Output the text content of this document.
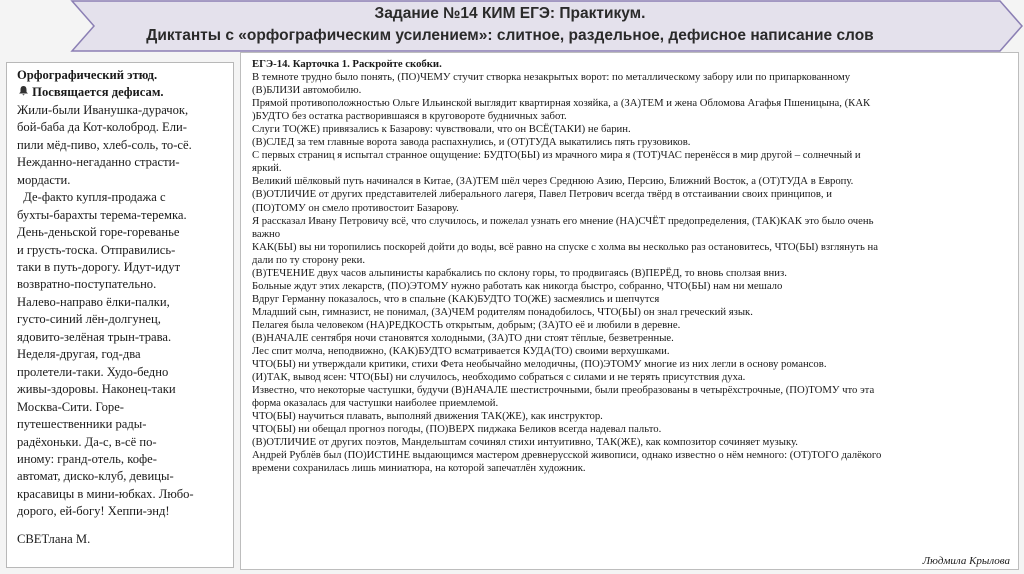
Задание №14 КИМ ЕГЭ: Практикум.
Диктанты с «орфографическим усилением»: слитное, раздельное, дефисное написание слов
Орфографический этюд.
Посвящается дефисам.
Жили-были Иванушка-дурачок,
бой-баба да Кот-колоброд. Ели-
пили мёд-пиво, хлеб-соль, то-сё.
Нежданно-негаданно страсти-
мордасти.
Де-факто купля-продажа с
бухты-барахты терема-теремка.
День-деньской горе-гореванье
и грусть-тоска. Отправились-
таки в путь-дорогу. Идут-идут
возвратно-поступательно.
Налево-направо ёлки-палки,
густо-синий лён-долгунец,
ядовито-зелёная трын-трава.
Неделя-другая, год-два
пролетели-таки. Худо-бедно
живы-здоровы. Наконец-таки
Москва-Сити. Горе-
путешественники рады-
радёхоньки. Да-с, в-сё по-
иному: гранд-отель, кофе-
автомат, диско-клуб, девицы-
красавицы в мини-юбках. Любо-
дорого, ей-богу! Хеппи-энд!
СВЕТлана М.
ЕГЭ-14. Карточка 1. Раскройте скобки.
В темноте трудно было понять, (ПО)ЧЕМУ стучит створка незакрытых ворот: по металлическому забору или по припаркованному
(В)БЛИЗИ автомобилю.
Прямой противоположностью Ольге Ильинской выглядит квартирная хозяйка, а (ЗА)ТЕМ и жена Обломова Агафья Пшеницына, (КАК
)БУДТО без остатка растворившаяся в круговороте будничных забот.
Слуги ТО(ЖЕ) привязались к Базарову: чувствовали, что он ВСЁ(ТАКИ) не барин.
(В)СЛЕД за тем главные ворота завода распахнулись, и (ОТ)ТУДА выкатились пять грузовиков.
С первых страниц я испытал странное ощущение: БУДТО(БЫ) из мрачного мира я (ТОТ)ЧАС перенёсся в мир другой – солнечный и
яркий.
Великий шёлковый путь начинался в Китае, (ЗА)ТЕМ шёл через Среднюю Азию, Персию, Ближний Восток, а (ОТ)ТУДА в Европу.
(В)ОТЛИЧИЕ от других представителей либерального лагеря, Павел Петрович всегда твёрд в отстаивании своих принципов, и
(ПО)ТОМУ он смело противостоит Базарову.
Я рассказал Ивану Петровичу всё, что случилось, и пожелал узнать его мнение (НА)СЧЁТ предопределения, (ТАК)КАК это было очень
важно
КАК(БЫ) вы ни торопились поскорей дойти до воды, всё равно на спуске с холма вы несколько раз остановитесь, ЧТО(БЫ) взглянуть на
дали по ту сторону реки.
(В)ТЕЧЕНИЕ двух часов альпинисты карабкались по склону горы, то продвигаясь (В)ПЕРЁД, то вновь сползая вниз.
Больные ждут этих лекарств, (ПО)ЭТОМУ нужно работать как никогда быстро, собранно, ЧТО(БЫ) нам ни мешало
Вдруг Германну показалось, что в спальне (КАК)БУДТО ТО(ЖЕ) засмеялись и шепчутся
Младший сын, гимназист, не понимал, (ЗА)ЧЕМ родителям понадобилось, ЧТО(БЫ) он знал греческий язык.
Пелагея была человеком (НА)РЕДКОСТЬ открытым, добрым; (ЗА)ТО её и любили в деревне.
(В)НАЧАЛЕ сентября ночи становятся холодными, (ЗА)ТО дни стоят тёплые, безветренные.
Лес спит молча, неподвижно, (КАК)БУДТО всматривается КУДА(ТО) своими верхушками.
ЧТО(БЫ) ни утверждали критики, стихи Фета необычайно мелодичны, (ПО)ЭТОМУ многие из них легли в основу романсов.
(И)ТАК, вывод ясен: ЧТО(БЫ) ни случилось, необходимо собраться с силами и не терять присутствия духа.
Известно, что некоторые частушки, будучи (В)НАЧАЛЕ шестистрочными, были преобразованы в четырёхстрочные, (ПО)ТОМУ что эта
форма оказалась для частушки наиболее приемлемой.
ЧТО(БЫ) научиться плавать, выполняй движения ТАК(ЖЕ), как инструктор.
ЧТО(БЫ) ни обещал прогноз погоды, (ПО)ВЕРХ пиджака Беликов всегда надевал пальто.
(В)ОТЛИЧИЕ от других поэтов, Мандельштам сочинял стихи интуитивно, ТАК(ЖЕ), как композитор сочиняет музыку.
Андрей Рублёв был (ПО)ИСТИНЕ выдающимся мастером древнерусской живописи, однако известно о нём немного: (ОТ)ТОГО далёкого
времени сохранилась лишь миниатюра, на которой запечатлён художник.
Людмила Крылова
